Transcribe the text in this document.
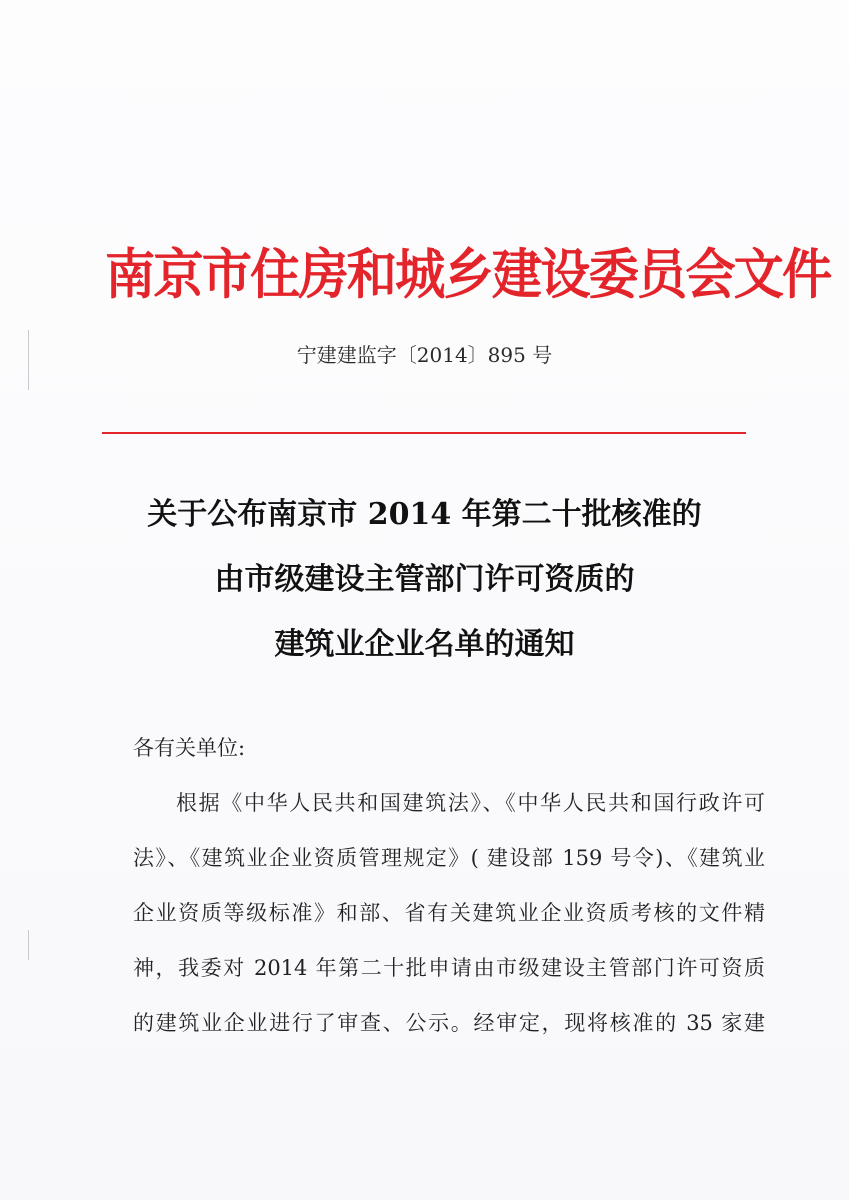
南京市住房和城乡建设委员会文件
宁建建监字〔2014〕895 号
关于公布南京市 2014 年第二十批核准的
由市级建设主管部门许可资质的
建筑业企业名单的通知
各有关单位:
根据《中华人民共和国建筑法》、《中华人民共和国行政许可
法》、《建筑业企业资质管理规定》( 建设部 159 号令)、《建筑业
企业资质等级标准》和部、省有关建筑业企业资质考核的文件精
神，我委对 2014 年第二十批申请由市级建设主管部门许可资质
的建筑业企业进行了审查、公示。经审定，现将核准的 35 家建
